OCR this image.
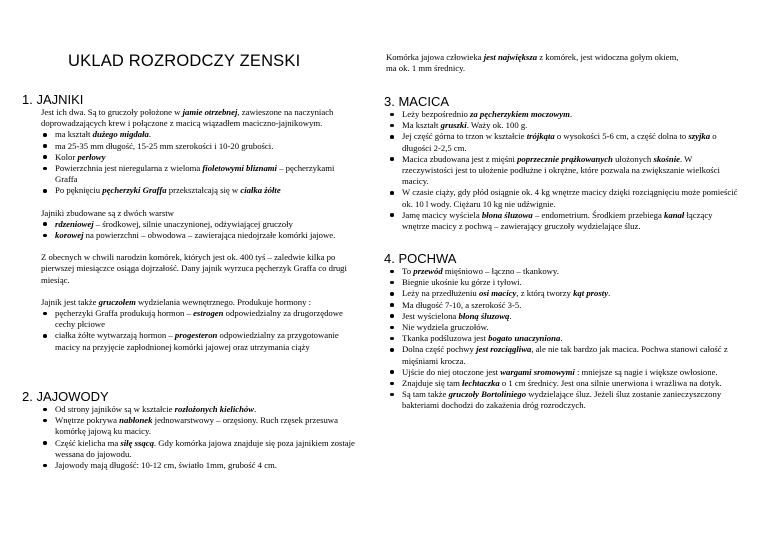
UKLAD ROZRODCZY ZENSKI
1. JAJNIKI

Jest ich dwa. Są to gruczoły położone w jamie otrzebnej, zawieszone na naczyniach doprowadzających krew i połączone z macicą wiązadłem maciczno-jajnikowym.

ma kształt dużego migdała.
ma 25-35 mm długość, 15-25 mm szerokości i 10-20 grubości.
Kolor perłowy
Powierzchnia jest nieregularna z wieloma fioletowymi bliznami – pęcherzykami Graffa
Po pęknięciu pęcherzyki Graffa przekształcają się w ciałka żółte

Jajniki zbudowane są z dwóch warstw

rdzeniowej – środkowej, silnie unaczynionej, odżywiającej gruczoły
korowej na powierzchni – obwodowa – zawierająca niedojrzałe komórki jajowe.

Z obecnych w chwili narodzin komórek, których jest ok. 400 tyś – zaledwie kilka po pierwszej miesiączce osiąga dojrzałość. Dany jajnik wyrzuca pęcherzyk Graffa co drugi miesiąc.

Jajnik jest także gruczołem wydzielania wewnętrznego. Produkuje hormony :

pęcherzyki Graffa produkują hormon – estrogen odpowiedzialny za drugorzędowe cechy płciowe
ciałka żółte wytwarzają hormon – progesteron odpowiedzialny za przygotowanie macicy na przyjęcie zapłodnionej komórki jajowej oraz utrzymania ciąży
2. JAJOWODY
Od strony jajników są w kształcie rozłożonych kielichów.
Wnętrze pokrywa nabłonek jednowarstwowy – orzęsiony. Ruch rzęsek przesuwa komórkę jajową ku macicy.
Część kielicha ma siłę ssącą. Gdy komórka jajowa znajduje się poza jajnikiem zostaje wessana do jajowodu.
Jajowody mają długość: 10-12 cm, światło 1mm, grubość 4 cm.

Komórka jajowa człowieka jest największa z komórek, jest widoczna gołym okiem, ma ok. 1 mm średnicy.

3. MACICA
Leży bezpośrednio za pęcherzykiem moczowym.
Ma kształt gruszki. Waży ok. 100 g.
Jej część górna to trzon w kształcie trójkąta o wysokości 5-6 cm, a część dolna to szyjka o długości 2-2,5 cm.
Macica zbudowana jest z mięśni poprzecznie prążkowanych ułożonych skośnie. W rzeczywistości jest to ułożenie podłużne i okrężne, które pozwala na zwiększanie wielkości macicy.
W czasie ciąży, gdy płód osiągnie ok. 4 kg wnętrze macicy dzięki rozciągnięciu może pomieścić ok. 10 l wody. Ciężaru 10 kg nie udźwignie.
Jamę macicy wyściela błona śluzowa – endometrium. Środkiem przebiega kanał łączący wnętrze macicy z pochwą – zawierający gruczoły wydzielające śluz.
4. POCHWA
To przewód mięśniowo – łączno – tkankowy.
Biegnie ukośnie ku górze i tyłowi.
Leży na przedłużeniu osi macicy, z którą tworzy kąt prosty.
Ma długość 7-10, a szerokość 3-5.
Jest wyścielona błoną śluzową.
Nie wydziela gruczołów.
Tkanka podśluzowa jest bogato unaczyniona.
Dolna część pochwy jest rozciągliwa, ale nie tak bardzo jak macica. Pochwa stanowi całość z mięśniami krocza.
Ujście do niej otoczone jest wargami sromowymi : mniejsze są nagie i większe owłosione.
Znajduje się tam łechtaczka o 1 cm średnicy. Jest ona silnie unerwiona i wrażliwa na dotyk.
Są tam także gruczoły Bortoliniego wydzielające śluz. Jeżeli śluz zostanie zanieczyszczony bakteriami dochodzi do zakażenia dróg rozrodczych.
